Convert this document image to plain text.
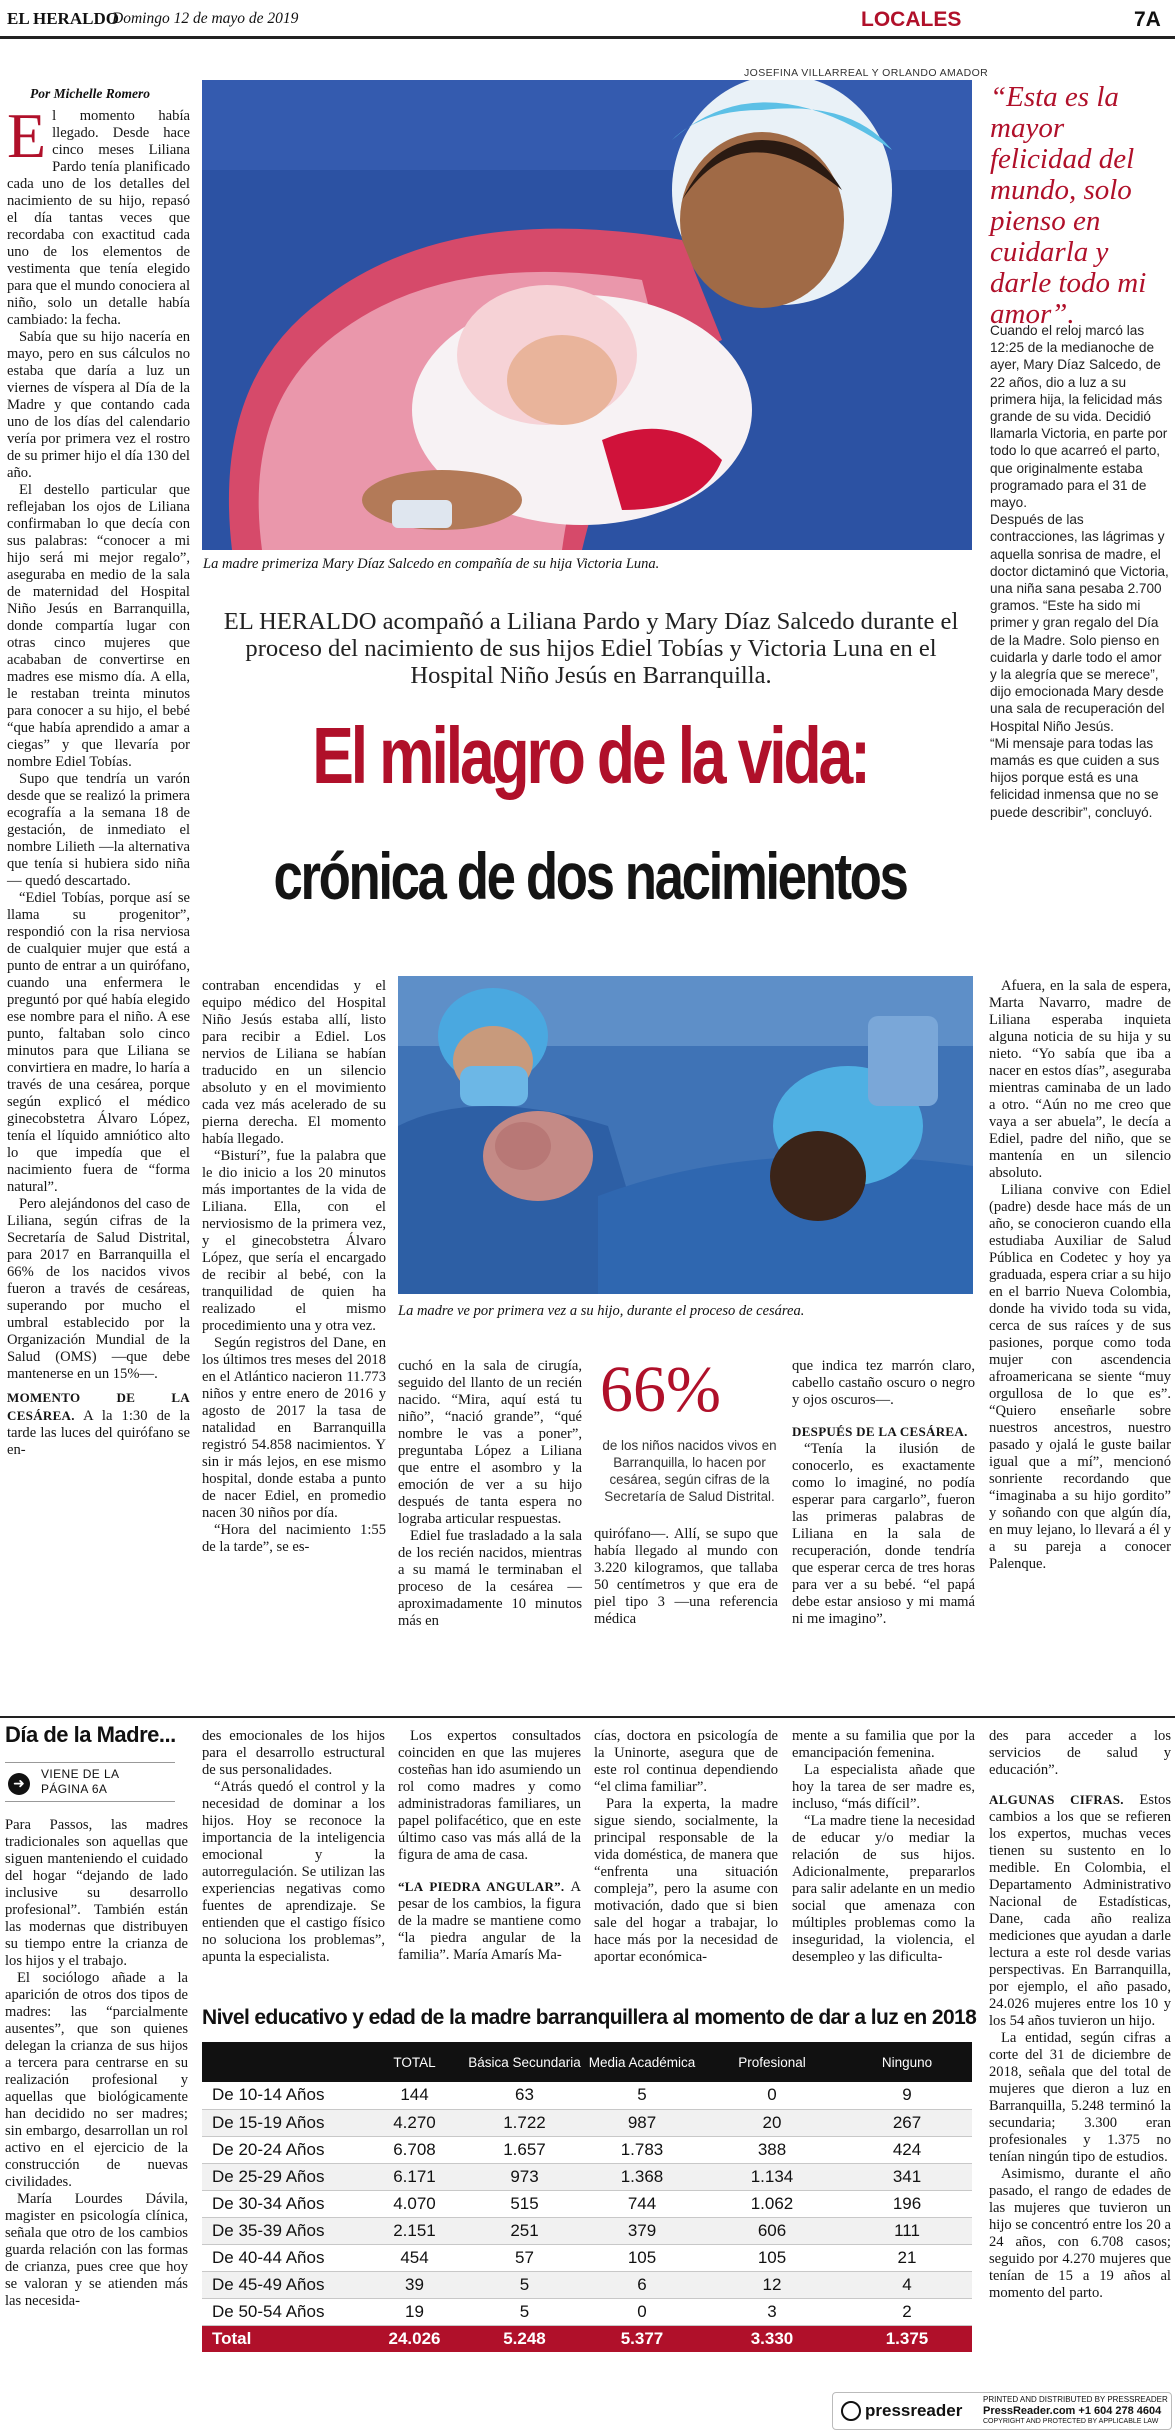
EL HERALDO
Domingo 12 de mayo de 2019	LOCALES	7A
JOSEFINA VILLARREAL Y ORLANDO AMADOR
Por Michelle Romero

El momento había llegado. Desde hace cinco meses Liliana Pardo tenía planificado cada uno de los detalles del nacimiento de su hijo, repasó el día tantas veces que recordaba con exactitud cada uno de los elementos de vestimenta que tenía elegido para que el mundo conociera al niño, solo un detalle había cambiado: la fecha.

Sabía que su hijo nacería en mayo, pero en sus cálculos no estaba que daría a luz un viernes de víspera al Día de la Madre y que contando cada uno de los días del calendario vería por primera vez el rostro de su primer hijo el día 130 del año.

El destello particular que reflejaban los ojos de Liliana confirmaban lo que decía con sus palabras: “conocer a mi hijo será mi mejor regalo”, aseguraba en medio de la sala de maternidad del Hospital Niño Jesús en Barranquilla, donde compartía lugar con otras cinco mujeres que acababan de convertirse en madres ese mismo día. A ella, le restaban treinta minutos para conocer a su hijo, el bebé “que había aprendido a amar a ciegas” y que llevaría por nombre Ediel Tobías.

Supo que tendría un varón desde que se realizó la primera ecografía a la semana 18 de gestación, de inmediato el nombre Lilieth —la alternativa que tenía si hubiera sido niña— quedó descartado.

“Ediel Tobías, porque así se llama su progenitor”, respondió con la risa nerviosa de cualquier mujer que está a punto de entrar a un quirófano, cuando una enfermera le preguntó por qué había elegido ese nombre para el niño. A ese punto, faltaban solo cinco minutos para que Liliana se convirtiera en madre, lo haría a través de una cesárea, porque según explicó el médico ginecobstetra Álvaro López, tenía el líquido amniótico alto lo que impedía que el nacimiento fuera de “forma natural”.

Pero alejándonos del caso de Liliana, según cifras de la Secretaría de Salud Distrital, para 2017 en Barranquilla el 66% de los nacidos vivos fueron a través de cesáreas, superando por mucho el umbral establecido por la Organización Mundial de la Salud (OMS) —que debe mantenerse en un 15%—.

MOMENTO DE LA CESÁREA. A la 1:30 de la tarde las luces del quirófano se en-

La madre primeriza Mary Díaz Salcedo en compañía de su hija Victoria Luna.
“Esta es la mayor felicidad del mundo, solo pienso en cuidarla y darle todo mi amor”.

Cuando el reloj marcó las 12:25 de la medianoche de ayer, Mary Díaz Salcedo, de 22 años, dio a luz a su primera hija, la felicidad más grande de su vida. Decidió llamarla Victoria, en parte por todo lo que acarreó el parto, que originalmente estaba programado para el 31 de mayo.

Después de las contracciones, las lágrimas y aquella sonrisa de madre, el doctor dictaminó que Victoria, una niña sana pesaba 2.700 gramos. “Este ha sido mi primer y gran regalo del Día de la Madre. Solo pienso en cuidarla y darle todo el amor y la alegría que se merece”, dijo emocionada Mary desde una sala de recuperación del Hospital Niño Jesús.

“Mi mensaje para todas las mamás es que cuiden a sus hijos porque está es una felicidad inmensa que no se puede describir”, concluyó.

EL HERALDO acompañó a Liliana Pardo y Mary Díaz Salcedo durante el proceso del nacimiento de sus hijos Ediel Tobías y Victoria Luna en el Hospital Niño Jesús en Barranquilla.
El milagro de la vida:
crónica de dos nacimientos

contraban encendidas y el equipo médico del Hospital Niño Jesús estaba allí, listo para recibir a Ediel. Los nervios de Liliana se habían traducido en un silencio absoluto y en el movimiento cada vez más acelerado de su pierna derecha. El momento había llegado.

“Bisturí”, fue la palabra que le dio inicio a los 20 minutos más importantes de la vida de Liliana. Ella, con el nerviosismo de la primera vez, y el ginecobstetra Álvaro López, que sería el encargado de recibir al bebé, con la tranquilidad de quien ha realizado el mismo procedimiento una y otra vez.

Según registros del Dane, en los últimos tres meses del 2018 en el Atlántico nacieron 11.773 niños y entre enero de 2016 y agosto de 2017 la tasa de natalidad en Barranquilla registró 54.858 nacimientos. Y sin ir más lejos, en ese mismo hospital, donde estaba a punto de nacer Ediel, en promedio nacen 30 niños por día.

“Hora del nacimiento 1:55 de la tarde”, se es-

La madre ve por primera vez a su hijo, durante el proceso de cesárea.

cuchó en la sala de cirugía, seguido del llanto de un recién nacido. “Mira, aquí está tu niño”, “nació grande”, “qué nombre le vas a poner”, preguntaba López a Liliana que entre el asombro y la emoción de ver a su hijo después de tanta espera no lograba articular respuestas.

Ediel fue trasladado a la sala de los recién nacidos, mientras a su mamá le terminaban el proceso de la cesárea —aproximadamente 10 minutos más en

66%
de los niños nacidos vivos en Barranquilla, lo hacen por cesárea, según cifras de la Secretaría de Salud Distrital.

quirófano—. Allí, se supo que había llegado al mundo con 3.220 kilogramos, que tallaba 50 centímetros y que era de piel tipo 3 —una referencia médica

que indica tez marrón claro, cabello castaño oscuro o negro y ojos oscuros—.

DESPUÉS DE LA CESÁREA.

“Tenía la ilusión de conocerlo, es exactamente como lo imaginé, no podía esperar para cargarlo”, fueron las primeras palabras de Liliana en la sala de recuperación, donde tendría que esperar cerca de tres horas para ver a su bebé. “el papá debe estar ansioso y mi mamá ni me imagino”.

Afuera, en la sala de espera, Marta Navarro, madre de Liliana esperaba inquieta alguna noticia de su hija y su nieto. “Yo sabía que iba a nacer en estos días”, aseguraba mientras caminaba de un lado a otro. “Aún no me creo que vaya a ser abuela”, le decía a Ediel, padre del niño, que se mantenía en un silencio absoluto.

Liliana convive con Ediel (padre) desde hace más de un año, se conocieron cuando ella estudiaba Auxiliar de Salud Pública en Codetec y hoy ya graduada, espera criar a su hijo en el barrio Nueva Colombia, donde ha vivido toda su vida, cerca de sus raíces y de sus pasiones, porque como toda mujer con ascendencia afroamericana se siente “muy orgullosa de lo que es”. “Quiero enseñarle sobre nuestros ancestros, nuestro pasado y ojalá le guste bailar igual que a mí”, mencionó sonriente recordando que “imaginaba a su hijo gordito” y soñando con que algún día, en muy lejano, lo llevará a él y a su pareja a conocer Palenque.

Día de la Madre...
➜
VIENE DE LA PÁGINA 6A

Para Passos, las madres tradicionales son aquellas que siguen manteniendo el cuidado del hogar “dejando de lado inclusive su desarrollo profesional”. También están las modernas que distribuyen su tiempo entre la crianza de los hijos y el trabajo.

El sociólogo añade a la aparición de otros dos tipos de madres: las “parcialmente ausentes”, que son quienes delegan la crianza de sus hijos a tercera para centrarse en su realización profesional y aquellas que biológicamente han decidido no ser madres; sin embargo, desarrollan un rol activo en el ejercicio de la construcción de nuevas civilidades.

María Lourdes Dávila, magister en psicología clínica, señala que otro de los cambios guarda relación con las formas de crianza, pues cree que hoy se valoran y se atienden más las necesida-

des emocionales de los hijos para el desarrollo estructural de sus personalidades.

“Atrás quedó el control y la necesidad de dominar a los hijos. Hoy se reconoce la importancia de la inteligencia emocional y la autorregulación. Se utilizan las experiencias negativas como fuentes de aprendizaje. Se entienden que el castigo físico no soluciona los problemas”, apunta la especialista.

Los expertos consultados coinciden en que las mujeres costeñas han ido asumiendo un rol como madres y como administradoras familiares, un papel polifacético, que en este último caso vas más allá de la figura de ama de casa.

“LA PIEDRA ANGULAR”. A pesar de los cambios, la figura de la madre se mantiene como “la piedra angular de la familia”. María Amarís Ma-

cías, doctora en psicología de la Uninorte, asegura que de este rol continua dependiendo “el clima familiar”.

Para la experta, la madre sigue siendo, socialmente, la principal responsable de la vida doméstica, de manera que “enfrenta una situación compleja”, pero la asume con motivación, dado que si bien sale del hogar a trabajar, lo hace más por la necesidad de aportar económica-

mente a su familia que por la emancipación femenina.

La especialista añade que hoy la tarea de ser madre es, incluso, “más difícil”.

“La madre tiene la necesidad de educar y/o mediar la relación de sus hijos. Adicionalmente, prepararlos para salir adelante en un medio social que amenaza con múltiples problemas como la inseguridad, la violencia, el desempleo y las dificulta-

des para acceder a los servicios de salud y educación”.

ALGUNAS CIFRAS. Estos cambios a los que se refieren los expertos, muchas veces tienen su sustento en lo medible. En Colombia, el Departamento Administrativo Nacional de Estadísticas, Dane, cada año realiza mediciones que ayudan a darle lectura a este rol desde varias perspectivas. En Barranquilla, por ejemplo, el año pasado, 24.026 mujeres entre los 10 y los 54 años tuvieron un hijo.

La entidad, según cifras a corte del 31 de diciembre de 2018, señala que del total de mujeres que dieron a luz en Barranquilla, 5.248 terminó la secundaria; 3.300 eran profesionales y 1.375 no tenían ningún tipo de estudios.

Asimismo, durante el año pasado, el rango de edades de las mujeres que tuvieron un hijo se concentró entre los 20 a 24 años, con 6.708 casos; seguido por 4.270 mujeres que tenían de 15 a 19 años al momento del parto.

Nivel educativo y edad de la madre barranquillera al momento de dar a luz en 2018
	TOTAL	Básica Secundaria	Media Académica	Profesional	Ninguno
De 10-14 Años	144	63	5	0	9
De 15-19 Años	4.270	1.722	987	20	267
De 20-24 Años	6.708	1.657	1.783	388	424
De 25-29 Años	6.171	973	1.368	1.134	341
De 30-34 Años	4.070	515	744	1.062	196
De 35-39 Años	2.151	251	379	606	111
De 40-44 Años	454	57	105	105	21
De 45-49 Años	39	5	6	12	4
De 50-54 Años	19	5	0	3	2
Total	24.026	5.248	5.377	3.330	1.375
pressreader
PRINTED AND DISTRIBUTED BY PRESSREADER
PressReader.com +1 604 278 4604
COPYRIGHT AND PROTECTED BY APPLICABLE LAW
